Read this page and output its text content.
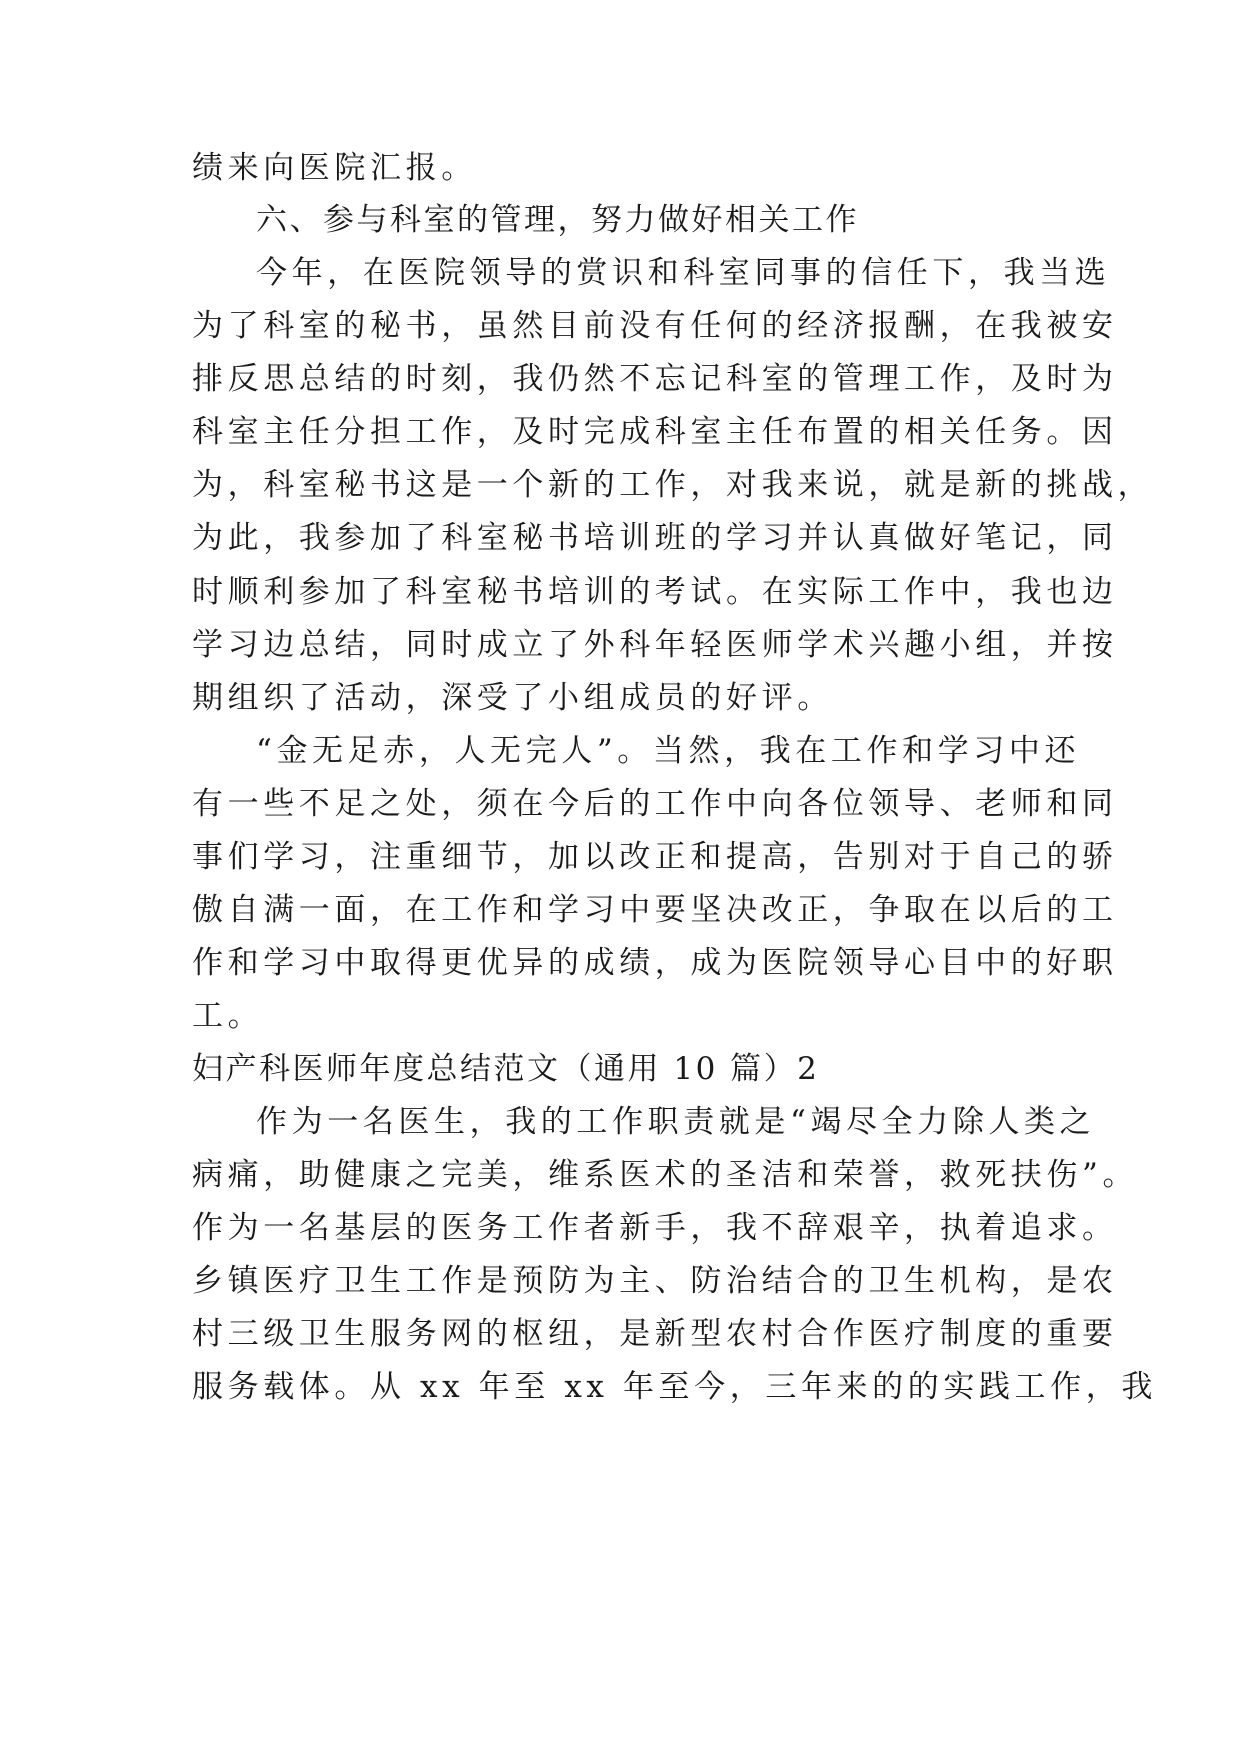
绩来向医院汇报。
六、参与科室的管理，努力做好相关工作
今年，在医院领导的赏识和科室同事的信任下，我当选
为了科室的秘书，虽然目前没有任何的经济报酬，在我被安
排反思总结的时刻，我仍然不忘记科室的管理工作，及时为
科室主任分担工作，及时完成科室主任布置的相关任务。因
为，科室秘书这是一个新的工作，对我来说，就是新的挑战，
为此，我参加了科室秘书培训班的学习并认真做好笔记，同
时顺利参加了科室秘书培训的考试。在实际工作中，我也边
学习边总结，同时成立了外科年轻医师学术兴趣小组，并按
期组织了活动，深受了小组成员的好评。
“金无足赤，人无完人”。当然，我在工作和学习中还
有一些不足之处，须在今后的工作中向各位领导、老师和同
事们学习，注重细节，加以改正和提高，告别对于自己的骄
傲自满一面，在工作和学习中要坚决改正，争取在以后的工
作和学习中取得更优异的成绩，成为医院领导心目中的好职
工。
妇产科医师年度总结范文（通用 10 篇）2
作为一名医生，我的工作职责就是“竭尽全力除人类之
病痛，助健康之完美，维系医术的圣洁和荣誉，救死扶伤”。
作为一名基层的医务工作者新手，我不辞艰辛，执着追求。
乡镇医疗卫生工作是预防为主、防治结合的卫生机构，是农
村三级卫生服务网的枢纽，是新型农村合作医疗制度的重要
服务载体。从 xx 年至 xx 年至今，三年来的的实践工作，我
